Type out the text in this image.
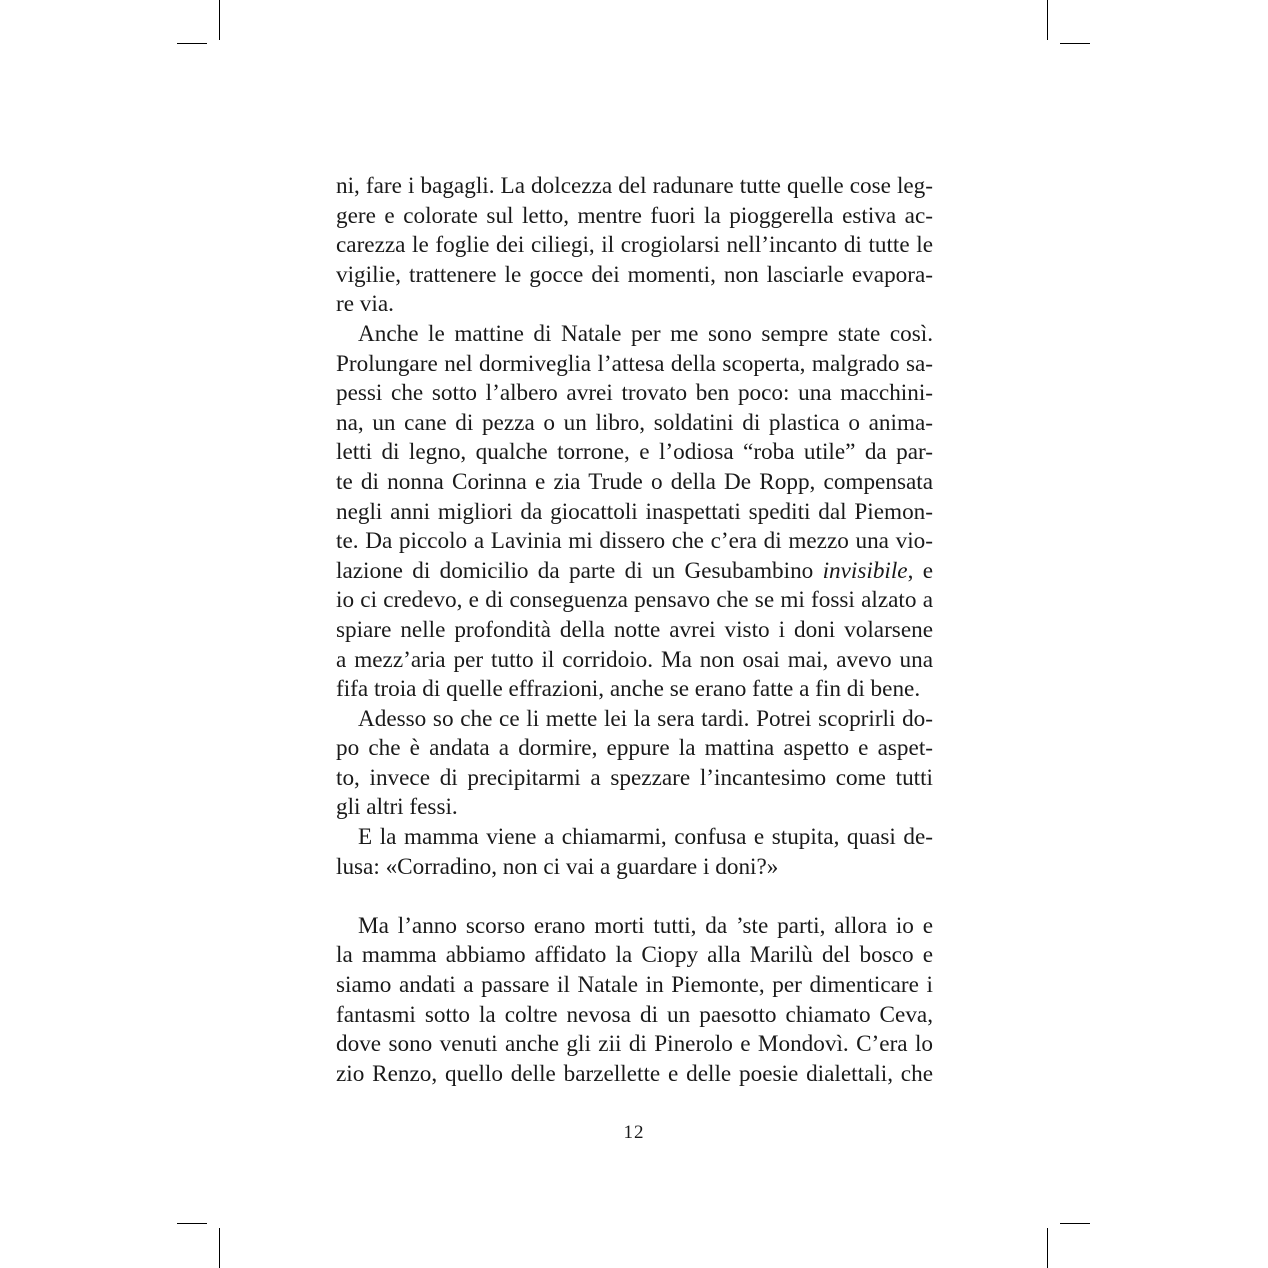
ni, fare i bagagli. La dolcezza del radunare tutte quelle cose leg-
gere e colorate sul letto, mentre fuori la pioggerella estiva ac-
carezza le foglie dei ciliegi, il crogiolarsi nell’incanto di tutte le
vigilie, trattenere le gocce dei momenti, non lasciarle evapora-
re via.
Anche le mattine di Natale per me sono sempre state così.
Prolungare nel dormiveglia l’attesa della scoperta, malgrado sa-
pessi che sotto l’albero avrei trovato ben poco: una macchini-
na, un cane di pezza o un libro, soldatini di plastica o anima-
letti di legno, qualche torrone, e l’odiosa “roba utile” da par-
te di nonna Corinna e zia Trude o della De Ropp, compensata
negli anni migliori da giocattoli inaspettati spediti dal Piemon-
te. Da piccolo a Lavinia mi dissero che c’era di mezzo una vio-
lazione di domicilio da parte di un Gesubambino invisibile, e
io ci credevo, e di conseguenza pensavo che se mi fossi alzato a
spiare nelle profondità della notte avrei visto i doni volarsene
a mezz’aria per tutto il corridoio. Ma non osai mai, avevo una
fifa troia di quelle effrazioni, anche se erano fatte a fin di bene.
Adesso so che ce li mette lei la sera tardi. Potrei scoprirli do-
po che è andata a dormire, eppure la mattina aspetto e aspet-
to, invece di precipitarmi a spezzare l’incantesimo come tutti
gli altri fessi.
E la mamma viene a chiamarmi, confusa e stupita, quasi de-
lusa: «Corradino, non ci vai a guardare i doni?»
Ma l’anno scorso erano morti tutti, da ’ste parti, allora io e
la mamma abbiamo affidato la Ciopy alla Marilù del bosco e
siamo andati a passare il Natale in Piemonte, per dimenticare i
fantasmi sotto la coltre nevosa di un paesotto chiamato Ceva,
dove sono venuti anche gli zii di Pinerolo e Mondovì. C’era lo
zio Renzo, quello delle barzellette e delle poesie dialettali, che
12
